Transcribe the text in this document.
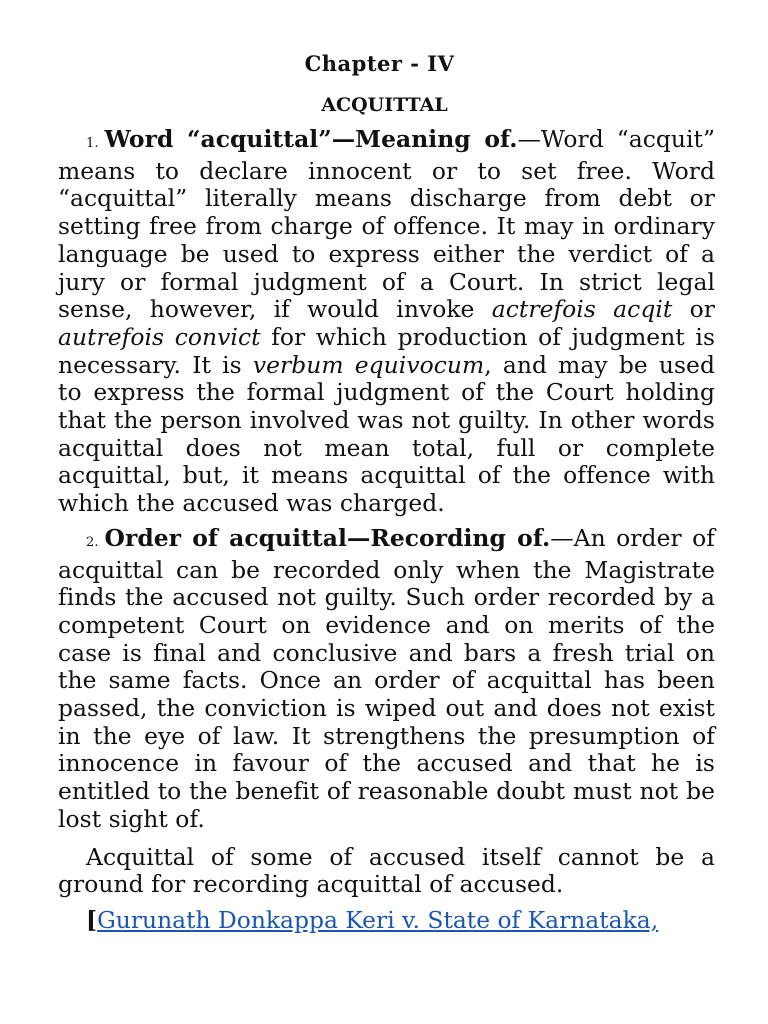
Chapter - IV
ACQUITTAL

1. Word “acquittal”—Meaning of.—Word “acquit” means to declare innocent or to set free. Word “acquittal” literally means discharge from debt or setting free from charge of offence. It may in ordinary language be used to express either the verdict of a jury or formal judgment of a Court. In strict legal sense, however, if would invoke actrefois acqit or autrefois convict for which production of judgment is necessary. It is verbum equivocum, and may be used to express the formal judgment of the Court holding that the person involved was not guilty. In other words acquittal does not mean total, full or complete acquittal, but, it means acquittal of the offence with which the accused was charged.

2. Order of acquittal—Recording of.—An order of acquittal can be recorded only when the Magistrate finds the accused not guilty. Such order recorded by a competent Court on evidence and on merits of the case is final and conclusive and bars a fresh trial on the same facts. Once an order of acquittal has been passed, the conviction is wiped out and does not exist in the eye of law. It strengthens the presumption of innocence in favour of the accused and that he is entitled to the benefit of reasonable doubt must not be lost sight of.

Acquittal of some of accused itself cannot be a ground for recording acquittal of accused.

[Gurunath Donkappa Keri v. State of Karnataka,
